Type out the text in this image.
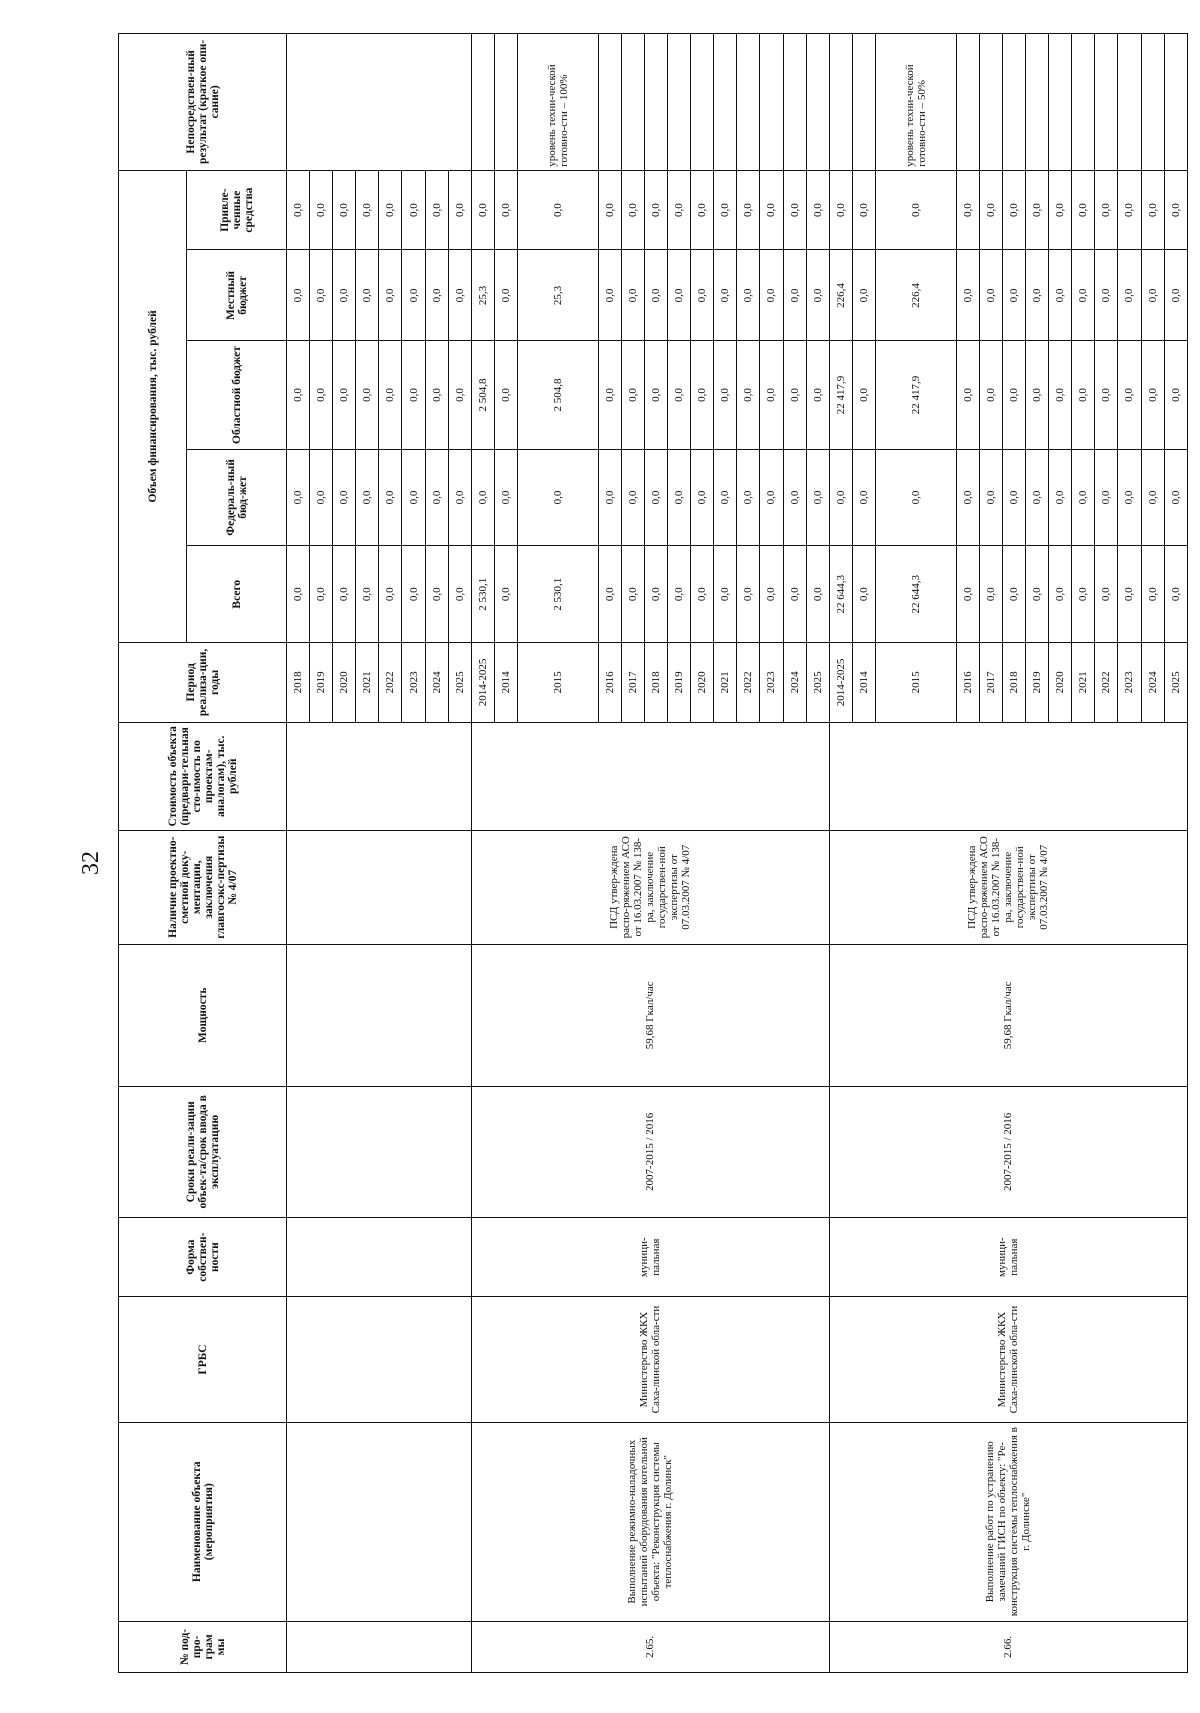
32
№ под-про-грам мы	Наименование объекта (мероприятия)	ГРБС	Форма собствен-ности	Сроки реали-зации объек-та/срок ввода в эксплуатацию	Мощность	Наличие проектно-сметной доку-ментации, заключения главгосэкс-пертизы № 4/07	Стоимость объекта (предвари-тельная сто-имость по проектам-аналогам), тыс. рублей	Период реализа-ции, годы	Объем финансирования, тыс. рублей					Непосредствен-ный результат (краткое опи-сание)
									Всего	Федераль-ный бюд-жет	Областной бюджет	Местный бюджет	Привле-ченные средства	
								2018	0,0	0,0	0,0	0,0	0,0	
								2019	0,0	0,0	0,0	0,0	0,0	
								2020	0,0	0,0	0,0	0,0	0,0	
								2021	0,0	0,0	0,0	0,0	0,0	
								2022	0,0	0,0	0,0	0,0	0,0	
								2023	0,0	0,0	0,0	0,0	0,0	
								2024	0,0	0,0	0,0	0,0	0,0	
								2025	0,0	0,0	0,0	0,0	0,0	
2.65.	Выполнение режимно-наладочных испытаний оборудования котельной объекта: "Реконструкция системы теплоснабжения г. Долинск"	Министерство ЖКХ Саха-линской обла-сти	муници-пальная	2007-2015 / 2016	59,68 Гкал/час	ПСД утвер-ждена распо-ряжением АСО от 16.03.2007 № 138-ра, заключение государствен-ной экспертизы от 07.03.2007 № 4/07		2014-2025	2 530,1	0,0	2 504,8	25,3	0,0	
								2014	0,0	0,0	0,0	0,0	0,0	
								2015	2 530,1	0,0	2 504,8	25,3	0,0	уровень техни-ческой готовно-сти – 100%
								2016	0,0	0,0	0,0	0,0	0,0	
								2017	0,0	0,0	0,0	0,0	0,0	
								2018	0,0	0,0	0,0	0,0	0,0	
								2019	0,0	0,0	0,0	0,0	0,0	
								2020	0,0	0,0	0,0	0,0	0,0	
								2021	0,0	0,0	0,0	0,0	0,0	
								2022	0,0	0,0	0,0	0,0	0,0	
								2023	0,0	0,0	0,0	0,0	0,0	
								2024	0,0	0,0	0,0	0,0	0,0	
								2025	0,0	0,0	0,0	0,0	0,0	
2.66.	Выполнение работ по устранению замечаний ГИСН по объекту: "Ре-конструкция системы теплоснабжения в г. Долинске"	Министерство ЖКХ Саха-линской обла-сти	муници-пальная	2007-2015 / 2016	59,68 Гкал/час	ПСД утвер-ждена распо-ряжением АСО от 16.03.2007 № 138-ра, заключение государствен-ной экспертизы от 07.03.2007 № 4/07		2014-2025	22 644,3	0,0	22 417,9	226,4	0,0	
								2014	0,0	0,0	0,0	0,0	0,0	
								2015	22 644,3	0,0	22 417,9	226,4	0,0	уровень техни-ческой готовно-сти – 50%
								2016	0,0	0,0	0,0	0,0	0,0	
								2017	0,0	0,0	0,0	0,0	0,0	
								2018	0,0	0,0	0,0	0,0	0,0	
								2019	0,0	0,0	0,0	0,0	0,0	
								2020	0,0	0,0	0,0	0,0	0,0	
								2021	0,0	0,0	0,0	0,0	0,0	
								2022	0,0	0,0	0,0	0,0	0,0	
								2023	0,0	0,0	0,0	0,0	0,0	
								2024	0,0	0,0	0,0	0,0	0,0	
								2025	0,0	0,0	0,0	0,0	0,0	
